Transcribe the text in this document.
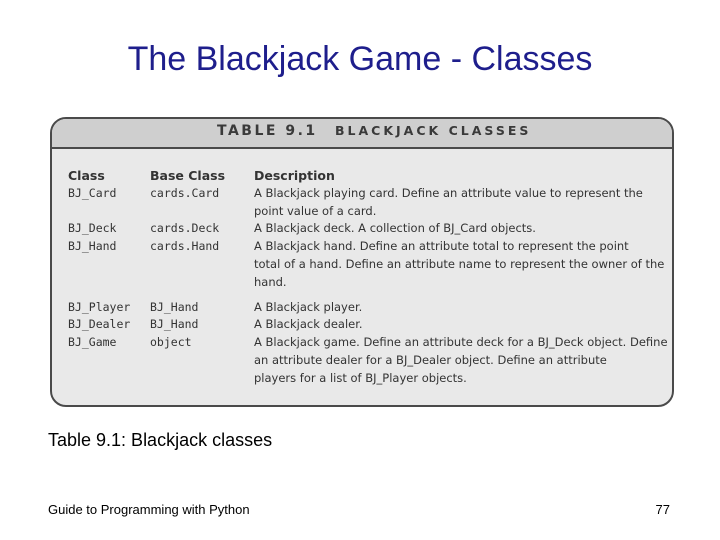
The Blackjack Game - Classes
TABLE 9.1 BLACKJACK CLASSES
Class	Base Class	Description
BJ_Card	cards.Card	A Blackjack playing card. Define an attribute value to represent the
point value of a card.
BJ_Deck	cards.Deck	A Blackjack deck. A collection of BJ_Card objects.
BJ_Hand	cards.Hand	A Blackjack hand. Define an attribute total to represent the point
total of a hand. Define an attribute name to represent the owner of the
hand.
BJ_Player	BJ_Hand	A Blackjack player.
BJ_Dealer	BJ_Hand	A Blackjack dealer.
BJ_Game	object	A Blackjack game. Define an attribute deck for a BJ_Deck object. Define
an attribute dealer for a BJ_Dealer object. Define an attribute
players for a list of BJ_Player objects.
Table 9.1: Blackjack classes
Guide to Programming with Python	77
